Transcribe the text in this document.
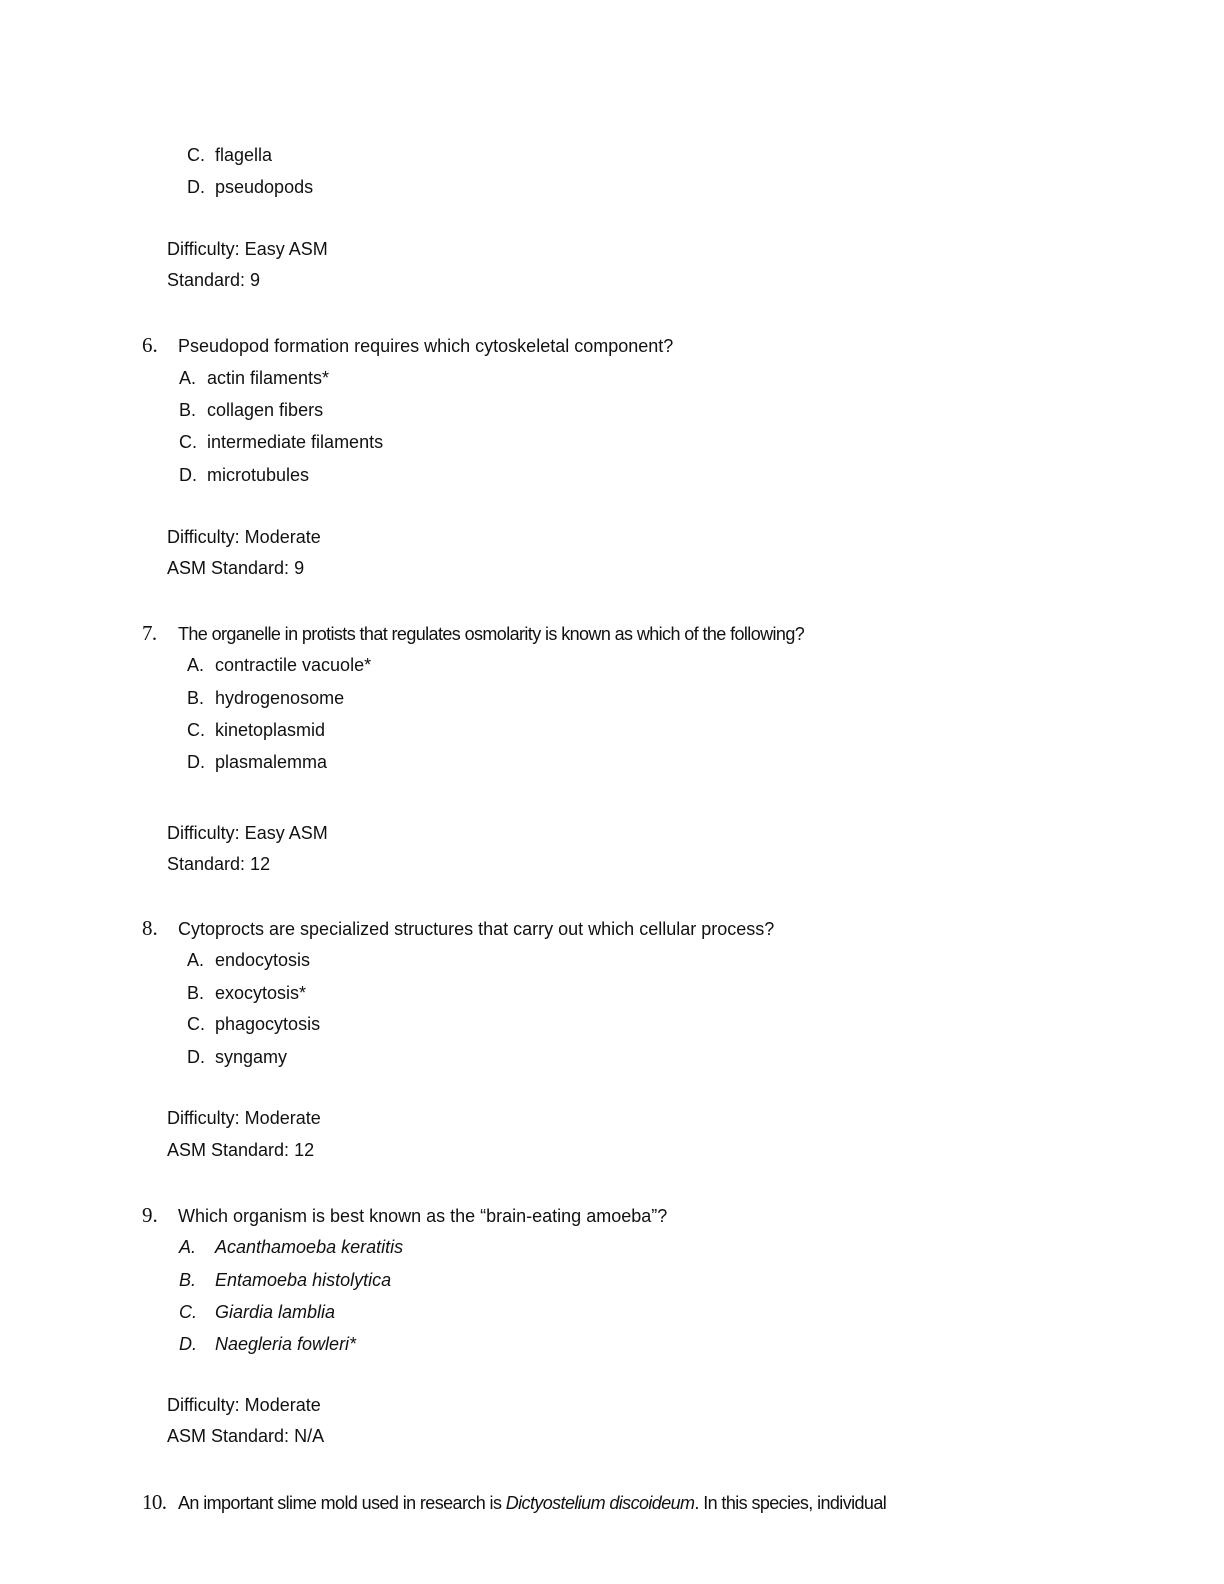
C. flagella
D. pseudopods
Difficulty: Easy ASM
Standard: 9
6. Pseudopod formation requires which cytoskeletal component?
A. actin filaments*
B. collagen fibers
C. intermediate filaments
D. microtubules
Difficulty: Moderate
ASM Standard: 9
7. The organelle in protists that regulates osmolarity is known as which of the following?
A. contractile vacuole*
B. hydrogenosome
C. kinetoplasmid
D. plasmalemma
Difficulty: Easy ASM
Standard: 12
8. Cytoprocts are specialized structures that carry out which cellular process?
A. endocytosis
B. exocytosis*
C. phagocytosis
D. syngamy
Difficulty: Moderate
ASM Standard: 12
9. Which organism is best known as the “brain-eating amoeba”?
A. Acanthamoeba keratitis
B. Entamoeba histolytica
C. Giardia lamblia
D. Naegleria fowleri*
Difficulty: Moderate
ASM Standard: N/A
10. An important slime mold used in research is Dictyostelium discoideum. In this species, individual
